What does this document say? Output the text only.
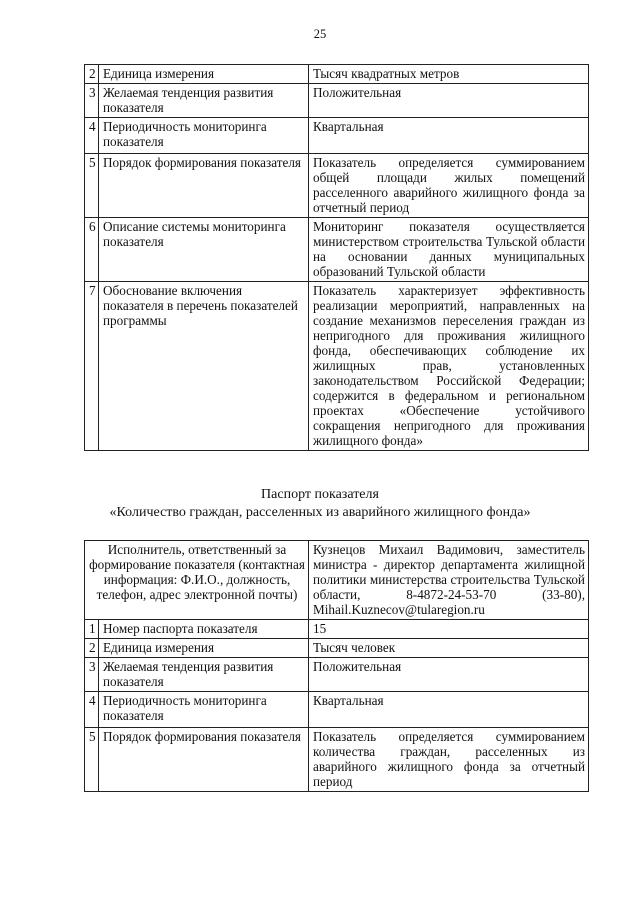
25
2	Единица измерения	Тысяч квадратных метров
3	Желаемая тенденция развития показателя	Положительная
4	Периодичность мониторинга показателя	Квартальная
5	Порядок формирования показателя	Показатель определяется суммированием общей площади жилых помещений расселенного аварийного жилищного фонда за отчетный период
6	Описание системы мониторинга показателя	Мониторинг показателя осуществляется министерством строительства Тульской области на основании данных муниципальных образований Тульской области
7	Обоснование включения показателя в перечень показателей программы	Показатель характеризует эффективность реализации мероприятий, направленных на создание механизмов переселения граждан из непригодного для проживания жилищного фонда, обеспечивающих соблюдение их жилищных прав, установленных законодательством Российской Федерации; содержится в федеральном и региональном проектах «Обеспечение устойчивого сокращения непригодного для проживания жилищного фонда»
Паспорт показателя
«Количество граждан, расселенных из аварийного жилищного фонда»
Исполнитель, ответственный за формирование показателя (контактная информация: Ф.И.О., должность, телефон, адрес электронной почты)		Кузнецов Михаил Вадимович, заместитель министра - директор департамента жилищной политики министерства строительства Тульской области, 8-4872-24-53-70 (33-80), Mihail.Kuznecov@tularegion.ru
1	Номер паспорта показателя	15
2	Единица измерения	Тысяч человек
3	Желаемая тенденция развития показателя	Положительная
4	Периодичность мониторинга показателя	Квартальная
5	Порядок формирования показателя	Показатель определяется суммированием количества граждан, расселенных из аварийного жилищного фонда за отчетный период
